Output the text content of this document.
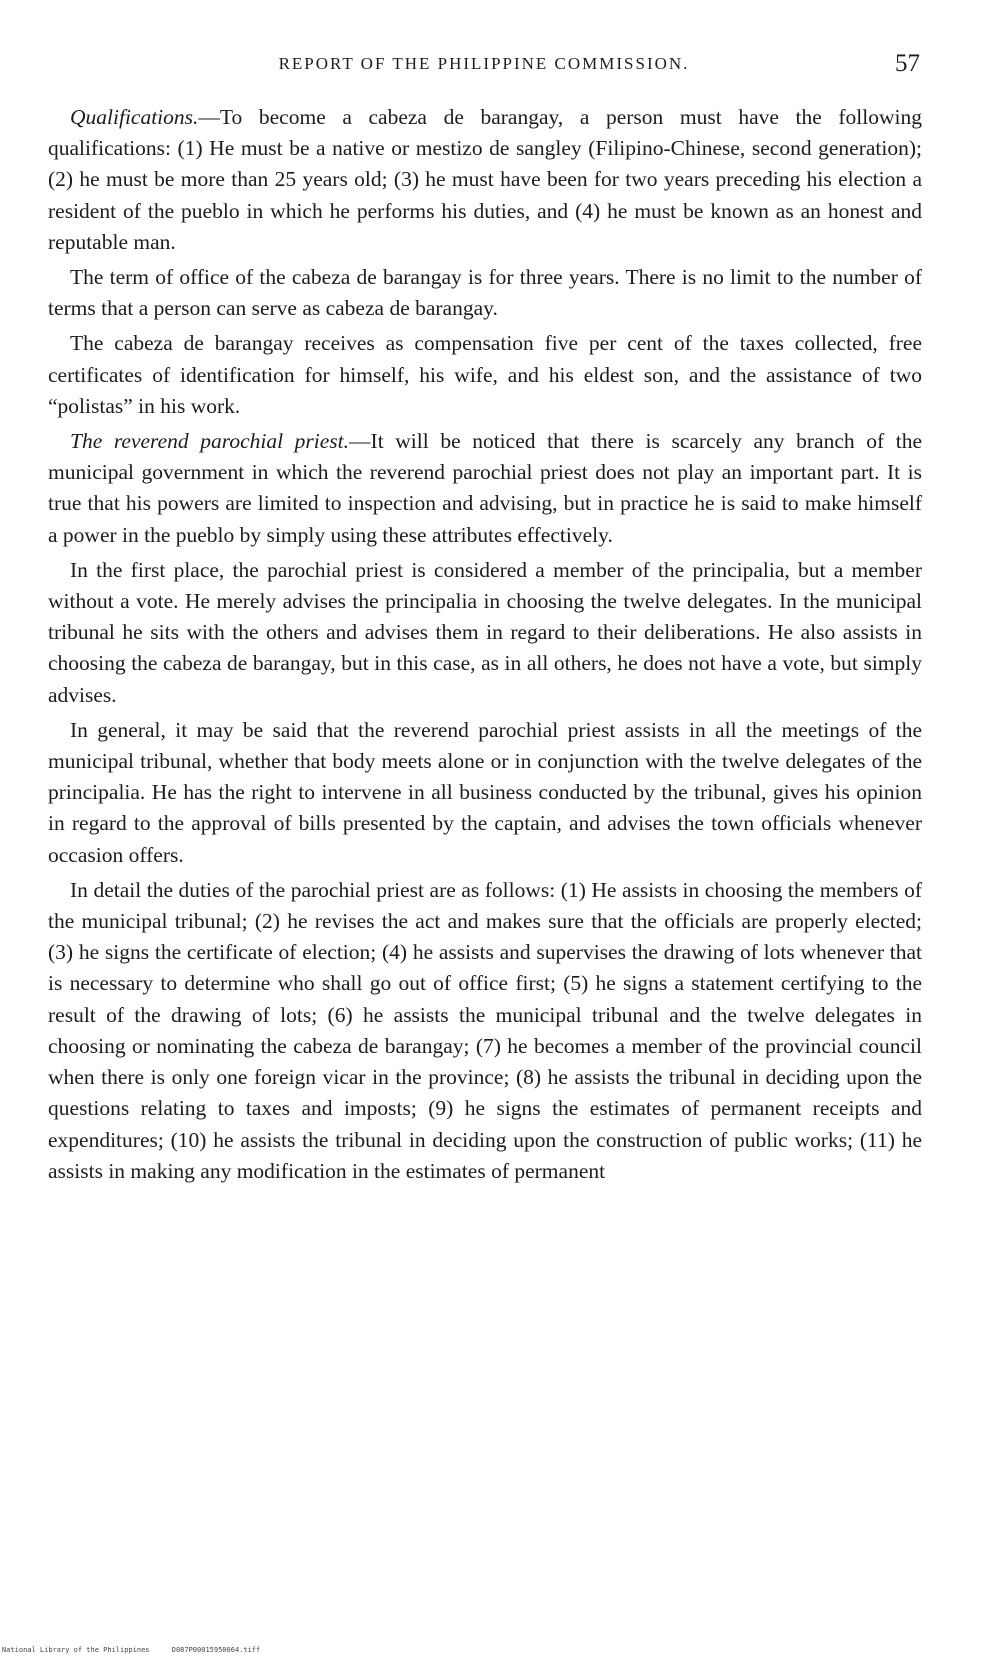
REPORT OF THE PHILIPPINE COMMISSION.	57

Qualifications.—To become a cabeza de barangay, a person must have the following qualifications: (1) He must be a native or mestizo de sangley (Filipino-Chinese, second generation); (2) he must be more than 25 years old; (3) he must have been for two years preceding his election a resident of the pueblo in which he performs his duties, and (4) he must be known as an honest and reputable man.

The term of office of the cabeza de barangay is for three years. There is no limit to the number of terms that a person can serve as cabeza de barangay.

The cabeza de barangay receives as compensation five per cent of the taxes collected, free certificates of identification for himself, his wife, and his eldest son, and the assistance of two “polistas” in his work.

The reverend parochial priest.—It will be noticed that there is scarcely any branch of the municipal government in which the reverend parochial priest does not play an important part. It is true that his powers are limited to inspection and advising, but in practice he is said to make himself a power in the pueblo by simply using these attributes effectively.

In the first place, the parochial priest is considered a member of the principalia, but a member without a vote. He merely advises the principalia in choosing the twelve delegates. In the municipal tribunal he sits with the others and advises them in regard to their deliberations. He also assists in choosing the cabeza de barangay, but in this case, as in all others, he does not have a vote, but simply advises.

In general, it may be said that the reverend parochial priest assists in all the meetings of the municipal tribunal, whether that body meets alone or in conjunction with the twelve delegates of the principalia. He has the right to intervene in all business conducted by the tribunal, gives his opinion in regard to the approval of bills presented by the captain, and advises the town officials whenever occasion offers.

In detail the duties of the parochial priest are as follows: (1) He assists in choosing the members of the municipal tribunal; (2) he revises the act and makes sure that the officials are properly elected; (3) he signs the certificate of election; (4) he assists and supervises the drawing of lots whenever that is necessary to determine who shall go out of office first; (5) he signs a statement certifying to the result of the drawing of lots; (6) he assists the municipal tribunal and the twelve delegates in choosing or nominating the cabeza de barangay; (7) he becomes a member of the provincial council when there is only one foreign vicar in the province; (8) he assists the tribunal in deciding upon the questions relating to taxes and imposts; (9) he signs the estimates of permanent receipts and expenditures; (10) he assists the tribunal in deciding upon the construction of public works; (11) he assists in making any modification in the estimates of permanent

National Library of the Philippines	D087P00015950064.tiff
